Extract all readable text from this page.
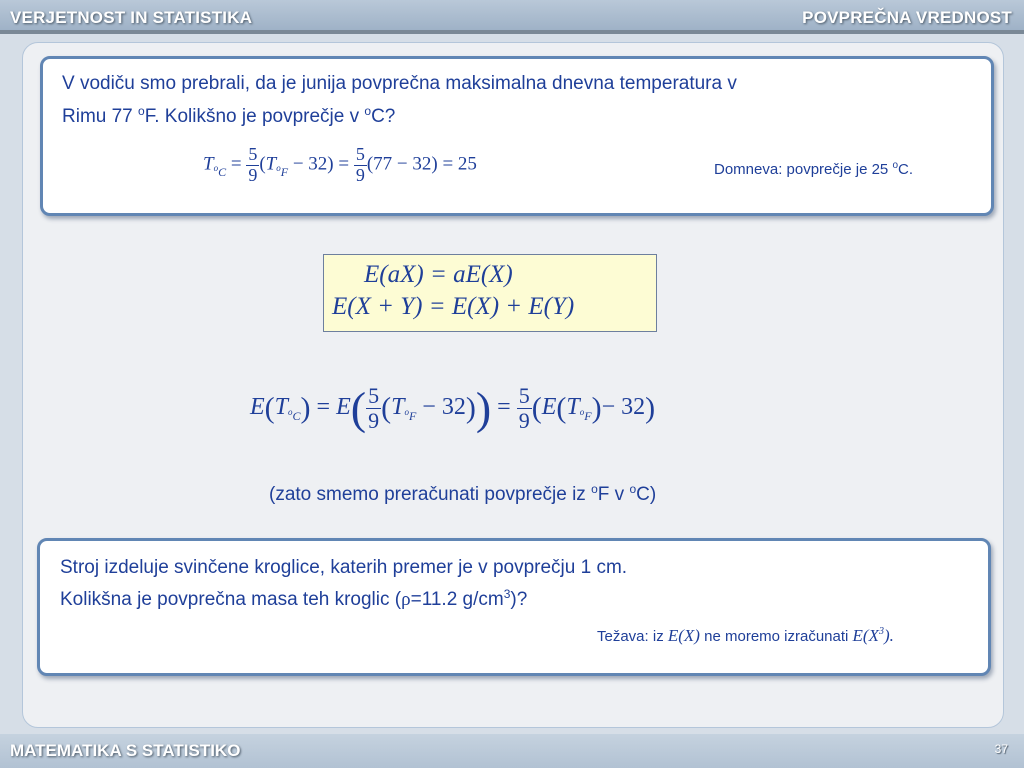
VERJETNOST IN STATISTIKA	POVPREČNA VREDNOST
V vodiču smo prebrali, da je junija povprečna maksimalna dnevna temperatura v
Rimu 77 $^o$F. Kolikšno je povprečje v $^o$C?
$T_{^oC} = \frac{5}{9} (T_{^oF} - 32) = \frac{5}{9} (77 - 32) = 25$	Domneva: povprečje je 25 $^o$C.
E(aX) = aE(X)
E(X + Y) = E(X) + E(Y)
$E(T_{^oC}) = E( \frac{5}{9} (T_{^oF} - 32)) = \frac{5}{9} (E(T_{^oF})- 32)$
(zato smemo preračunati povprečje iz $^o$F v $^o$C)
Stroj izdeluje svinčene kroglice, katerih premer je v povprečju 1 cm.
Kolikšna je povprečna masa teh kroglic (ρ=11.2 $g/cm^3$)?
Težava: iz E(X) ne moremo izračunati $E(X^3)$.
MATEMATIKA S STATISTIKO	37
